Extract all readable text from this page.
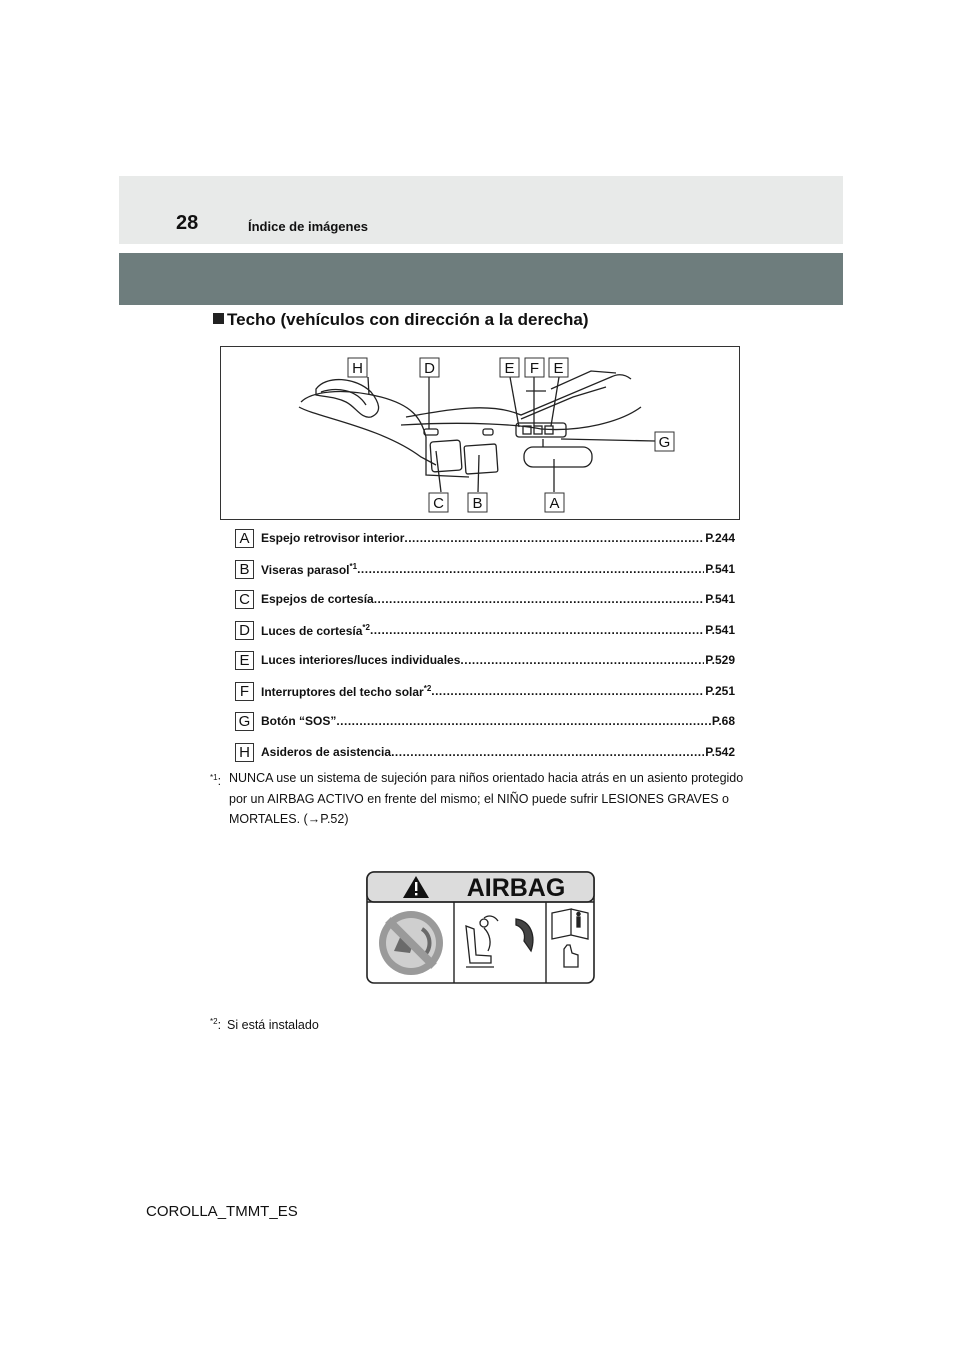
28	Índice de imágenes
Techo (vehículos con dirección a la derecha)
H	D	E F E
G
C B	A
A Espejo retrovisor interior .....	P.244
B Viseras parasol$^{*1}$ .....	P.541
C Espejos de cortesía .....	P.541
D Luces de cortesía$^{*2}$ .....	P.541
E Luces interiores/luces individuales .....	P.529
F Interruptores del techo solar$^{*2}$ .....	P.251
G Botón “SOS” .....	P.68
H Asideros de asistencia .....	P.542
$^{*1}$: NUNCA use un sistema de sujeción para niños orientado hacia atrás en un asiento protegido por un AIRBAG ACTIVO en frente del mismo; el NIÑO puede sufrir LESIONES GRAVES o MORTALES. (→P.52)
AIRBAG
$^{*2}$: Si está instalado
COROLLA_TMMT_ES
